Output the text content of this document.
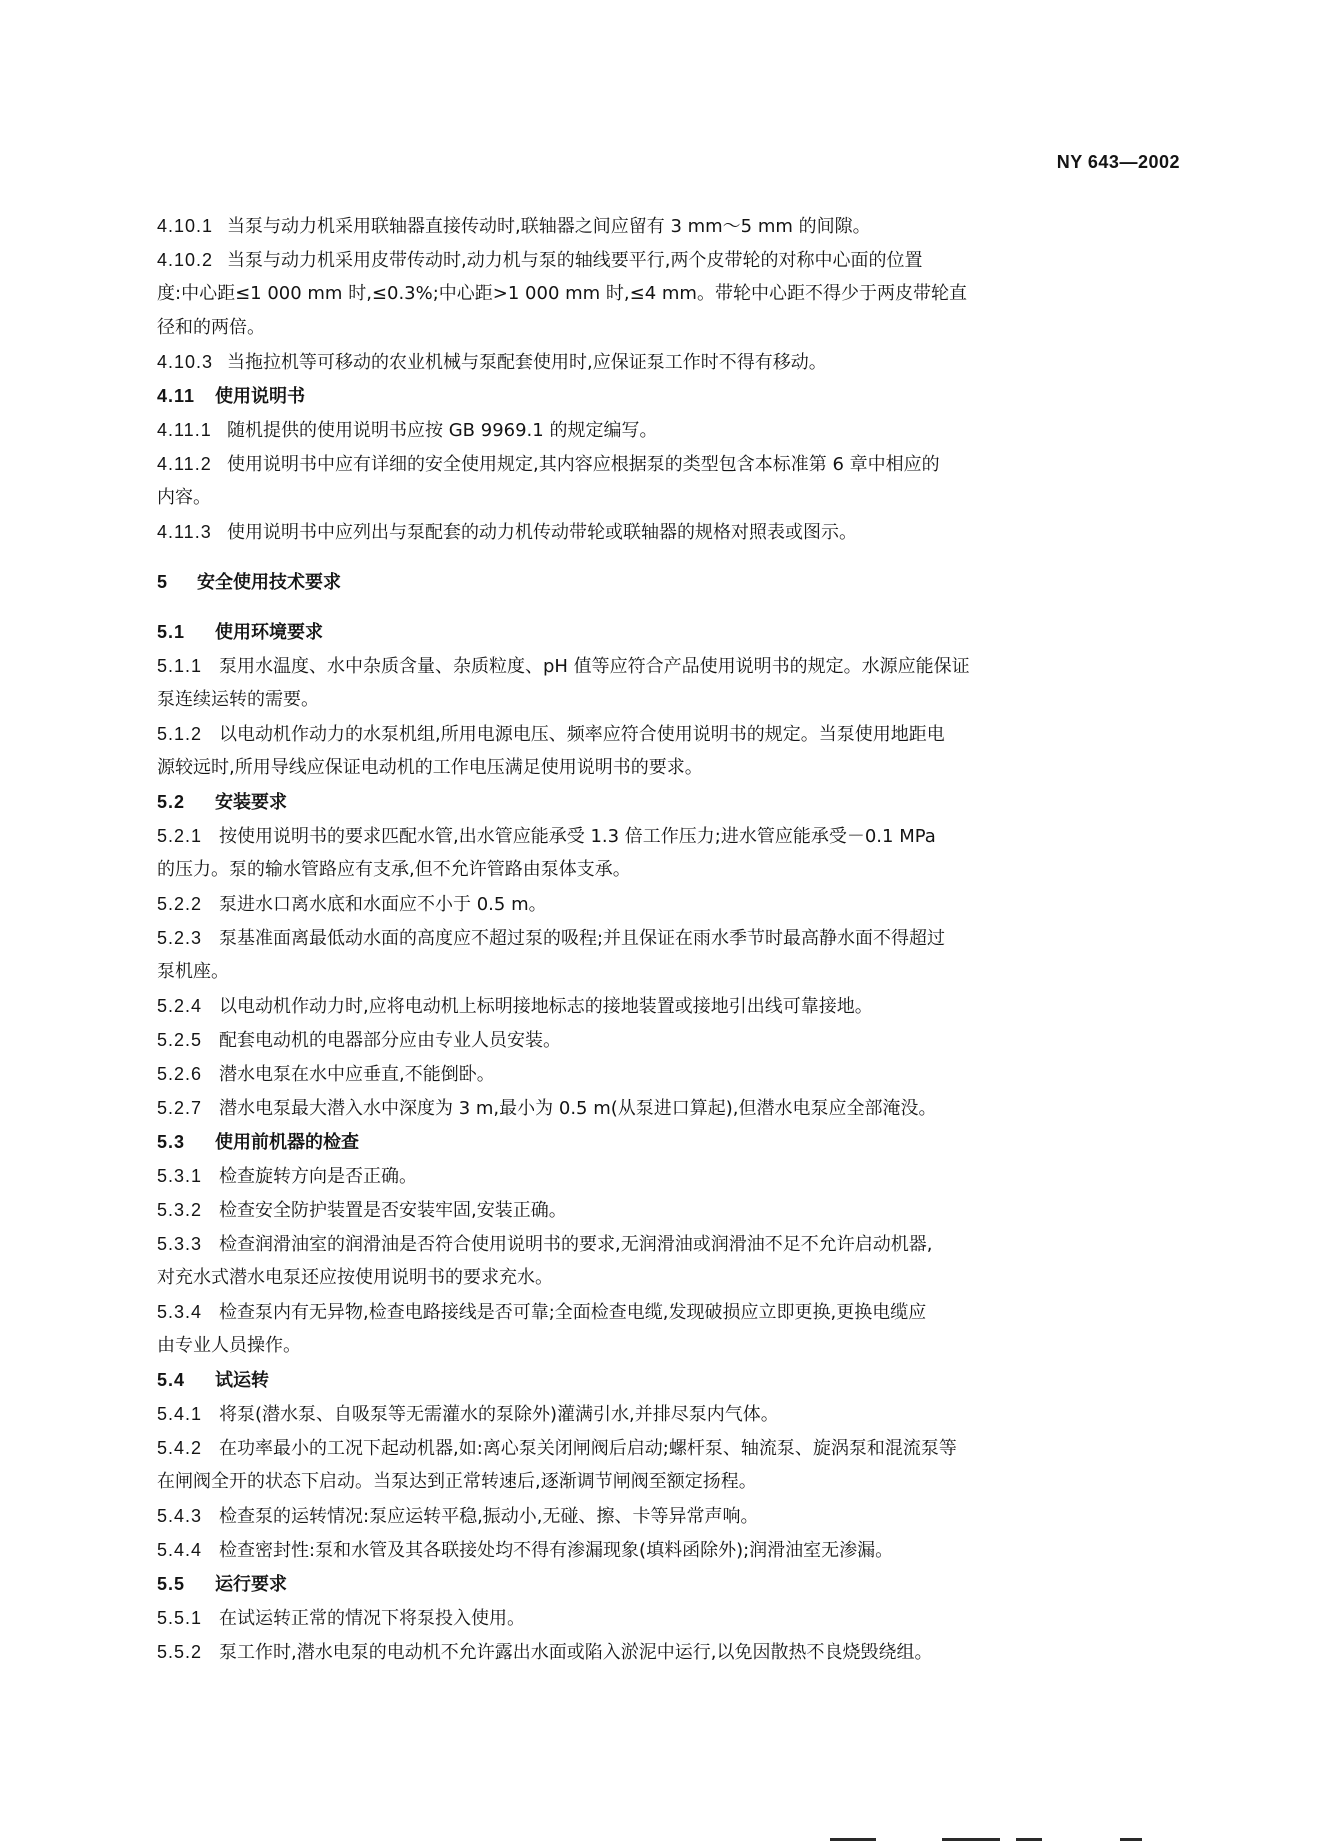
NY 643—2002
4.10.1 当泵与动力机采用联轴器直接传动时,联轴器之间应留有 3 mm～5 mm 的间隙。
4.10.2 当泵与动力机采用皮带传动时,动力机与泵的轴线要平行,两个皮带轮的对称中心面的位置
度:中心距≤1 000 mm 时,≤0.3%;中心距>1 000 mm 时,≤4 mm。带轮中心距不得少于两皮带轮直
径和的两倍。
4.10.3 当拖拉机等可移动的农业机械与泵配套使用时,应保证泵工作时不得有移动。
4.11 使用说明书
4.11.1 随机提供的使用说明书应按 GB 9969.1 的规定编写。
4.11.2 使用说明书中应有详细的安全使用规定,其内容应根据泵的类型包含本标准第 6 章中相应的
内容。
4.11.3 使用说明书中应列出与泵配套的动力机传动带轮或联轴器的规格对照表或图示。
5 安全使用技术要求
5.1 使用环境要求
5.1.1 泵用水温度、水中杂质含量、杂质粒度、pH 值等应符合产品使用说明书的规定。水源应能保证
泵连续运转的需要。
5.1.2 以电动机作动力的水泵机组,所用电源电压、频率应符合使用说明书的规定。当泵使用地距电
源较远时,所用导线应保证电动机的工作电压满足使用说明书的要求。
5.2 安装要求
5.2.1 按使用说明书的要求匹配水管,出水管应能承受 1.3 倍工作压力;进水管应能承受－0.1 MPa
的压力。泵的输水管路应有支承,但不允许管路由泵体支承。
5.2.2 泵进水口离水底和水面应不小于 0.5 m。
5.2.3 泵基准面离最低动水面的高度应不超过泵的吸程;并且保证在雨水季节时最高静水面不得超过
泵机座。
5.2.4 以电动机作动力时,应将电动机上标明接地标志的接地装置或接地引出线可靠接地。
5.2.5 配套电动机的电器部分应由专业人员安装。
5.2.6 潜水电泵在水中应垂直,不能倒卧。
5.2.7 潜水电泵最大潜入水中深度为 3 m,最小为 0.5 m(从泵进口算起),但潜水电泵应全部淹没。
5.3 使用前机器的检查
5.3.1 检查旋转方向是否正确。
5.3.2 检查安全防护装置是否安装牢固,安装正确。
5.3.3 检查润滑油室的润滑油是否符合使用说明书的要求,无润滑油或润滑油不足不允许启动机器,
对充水式潜水电泵还应按使用说明书的要求充水。
5.3.4 检查泵内有无异物,检查电路接线是否可靠;全面检查电缆,发现破损应立即更换,更换电缆应
由专业人员操作。
5.4 试运转
5.4.1 将泵(潜水泵、自吸泵等无需灌水的泵除外)灌满引水,并排尽泵内气体。
5.4.2 在功率最小的工况下起动机器,如:离心泵关闭闸阀后启动;螺杆泵、轴流泵、旋涡泵和混流泵等
在闸阀全开的状态下启动。当泵达到正常转速后,逐渐调节闸阀至额定扬程。
5.4.3 检查泵的运转情况:泵应运转平稳,振动小,无碰、擦、卡等异常声响。
5.4.4 检查密封性:泵和水管及其各联接处均不得有渗漏现象(填料函除外);润滑油室无渗漏。
5.5 运行要求
5.5.1 在试运转正常的情况下将泵投入使用。
5.5.2 泵工作时,潜水电泵的电动机不允许露出水面或陷入淤泥中运行,以免因散热不良烧毁绕组。
